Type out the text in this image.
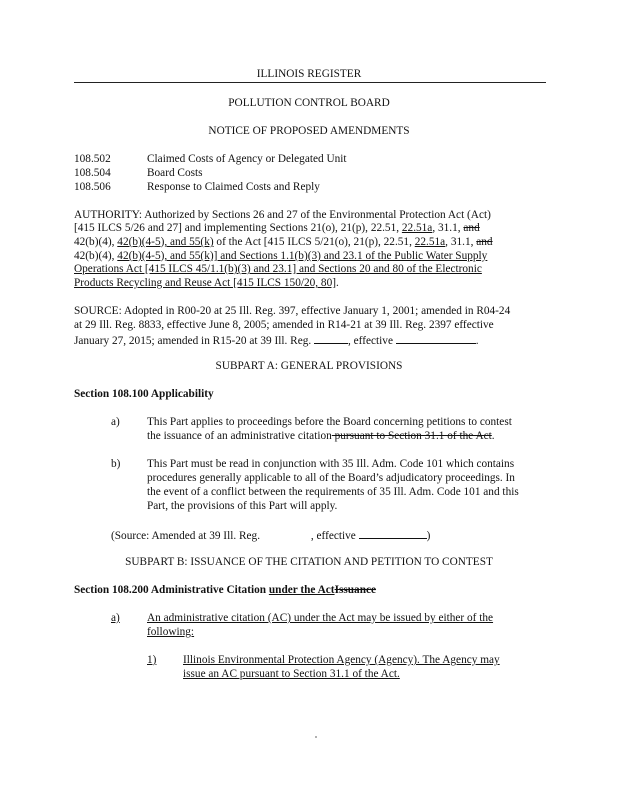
ILLINOIS REGISTER
POLLUTION CONTROL BOARD
NOTICE OF PROPOSED AMENDMENTS
108.502	Claimed Costs of Agency or Delegated Unit
108.504	Board Costs
108.506	Response to Claimed Costs and Reply
AUTHORITY: Authorized by Sections 26 and 27 of the Environmental Protection Act (Act)
[415 ILCS 5/26 and 27] and implementing Sections 21(o), 21(p), 22.51, 22.51a, 31.1, and
42(b)(4), 42(b)(4-5), and 55(k) of the Act [415 ILCS 5/21(o), 21(p), 22.51, 22.51a, 31.1, and
42(b)(4), 42(b)(4-5), and 55(k)] and Sections 1.1(b)(3) and 23.1 of the Public Water Supply
Operations Act [415 ILCS 45/1.1(b)(3) and 23.1] and Sections 20 and 80 of the Electronic
Products Recycling and Reuse Act [415 ILCS 150/20, 80].
SOURCE: Adopted in R00-20 at 25 Ill. Reg. 397, effective January 1, 2001; amended in R04-24
at 29 Ill. Reg. 8833, effective June 8, 2005; amended in R14-21 at 39 Ill. Reg. 2397 effective
January 27, 2015; amended in R15-20 at 39 Ill. Reg.	, effective	.
SUBPART A: GENERAL PROVISIONS
Section 108.100 Applicability
a) This Part applies to proceedings before the Board concerning petitions to contest
the issuance of an administrative citation pursuant to Section 31.1 of the Act.
b) This Part must be read in conjunction with 35 Ill. Adm. Code 101 which contains
procedures generally applicable to all of the Board’s adjudicatory proceedings. In
the event of a conflict between the requirements of 35 Ill. Adm. Code 101 and this
Part, the provisions of this Part will apply.
(Source: Amended at 39 Ill. Reg.	, effective	)
SUBPART B: ISSUANCE OF THE CITATION AND PETITION TO CONTEST
Section 108.200 Administrative Citation under the ActIssuance
a) An administrative citation (AC) under the Act may be issued by either of the
following:
1) Illinois Environmental Protection Agency (Agency). The Agency may
issue an AC pursuant to Section 31.1 of the Act.
